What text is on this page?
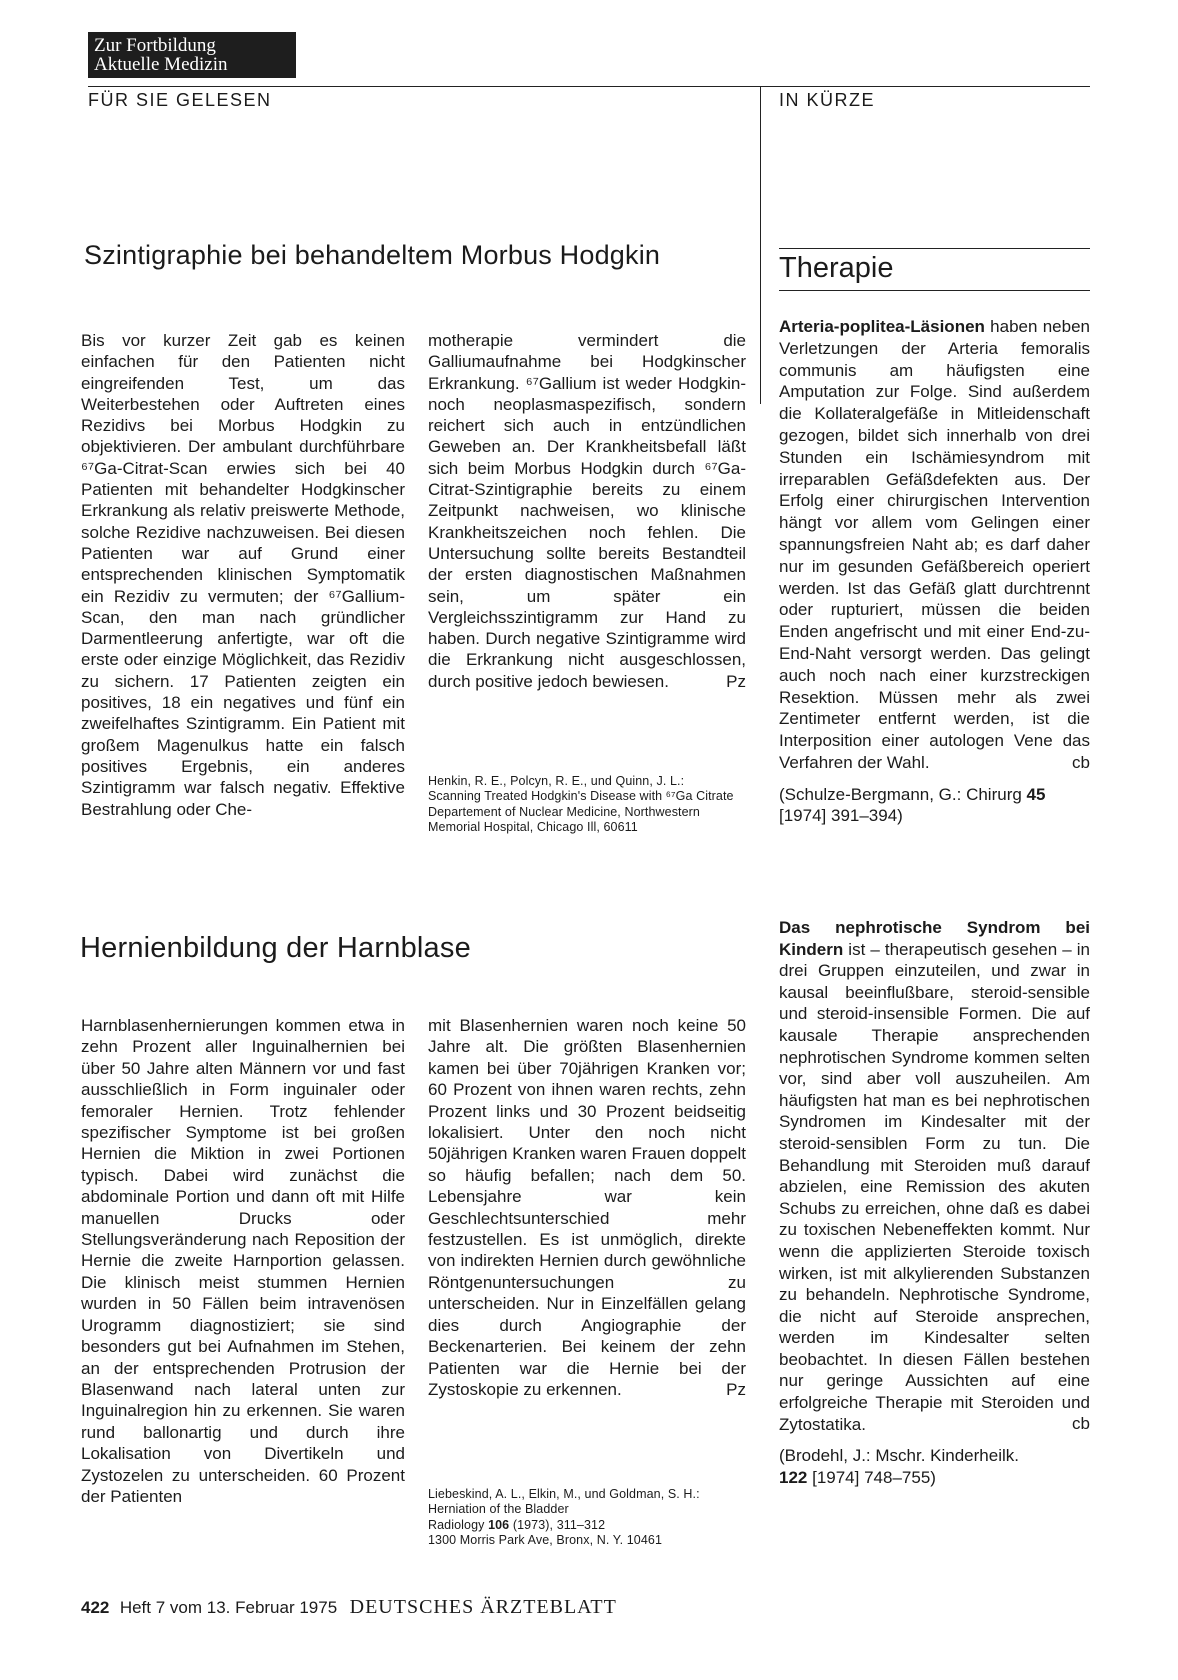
Zur Fortbildung
Aktuelle Medizin
FÜR SIE GELESEN	IN KÜRZE
Szintigraphie bei behandeltem Morbus Hodgkin

Bis vor kurzer Zeit gab es keinen einfachen für den Patienten nicht eingreifenden Test, um das Weiterbestehen oder Auftreten eines Rezidivs bei Morbus Hodgkin zu objektivieren. Der ambulant durchführbare ⁶⁷Ga-Citrat-Scan erwies sich bei 40 Patienten mit behandelter Hodgkinscher Erkrankung als relativ preiswerte Methode, solche Rezidive nachzuweisen. Bei diesen Patienten war auf Grund einer entsprechenden klinischen Symptomatik ein Rezidiv zu vermuten; der ⁶⁷Gallium-Scan, den man nach gründlicher Darmentleerung anfertigte, war oft die erste oder einzige Möglichkeit, das Rezidiv zu sichern. 17 Patienten zeigten ein positives, 18 ein negatives und fünf ein zweifelhaftes Szintigramm. Ein Patient mit großem Magenulkus hatte ein falsch positives Ergebnis, ein anderes Szintigramm war falsch negativ. Effektive Bestrahlung oder Che-

motherapie vermindert die Galliumaufnahme bei Hodgkinscher Erkrankung. ⁶⁷Gallium ist weder Hodgkin- noch neoplasmaspezifisch, sondern reichert sich auch in entzündlichen Geweben an. Der Krankheitsbefall läßt sich beim Morbus Hodgkin durch ⁶⁷Ga-Citrat-Szintigraphie bereits zu einem Zeitpunkt nachweisen, wo klinische Krankheitszeichen noch fehlen. Die Untersuchung sollte bereits Bestandteil der ersten diagnostischen Maßnahmen sein, um später ein Vergleichsszintigramm zur Hand zu haben. Durch negative Szintigramme wird die Erkrankung nicht ausgeschlossen, durch positive jedoch bewiesen.	Pz
Henkin, R. E., Polcyn, R. E., und Quinn, J. L.:
Scanning Treated Hodgkin's Disease with ⁶⁷Ga Citrate
Departement of Nuclear Medicine, Northwestern Memorial Hospital, Chicago Ill, 60611
Hernienbildung der Harnblase

Harnblasenhernierungen kommen etwa in zehn Prozent aller Inguinalhernien bei über 50 Jahre alten Männern vor und fast ausschließlich in Form inguinaler oder femoraler Hernien. Trotz fehlender spezifischer Symptome ist bei großen Hernien die Miktion in zwei Portionen typisch. Dabei wird zunächst die abdominale Portion und dann oft mit Hilfe manuellen Drucks oder Stellungsveränderung nach Reposition der Hernie die zweite Harnportion gelassen. Die klinisch meist stummen Hernien wurden in 50 Fällen beim intravenösen Urogramm diagnostiziert; sie sind besonders gut bei Aufnahmen im Stehen, an der entsprechenden Protrusion der Blasenwand nach lateral unten zur Inguinalregion hin zu erkennen. Sie waren rund ballonartig und durch ihre Lokalisation von Divertikeln und Zystozelen zu unterscheiden. 60 Prozent der Patienten

mit Blasenhernien waren noch keine 50 Jahre alt. Die größten Blasenhernien kamen bei über 70jährigen Kranken vor; 60 Prozent von ihnen waren rechts, zehn Prozent links und 30 Prozent beidseitig lokalisiert. Unter den noch nicht 50jährigen Kranken waren Frauen doppelt so häufig befallen; nach dem 50. Lebensjahre war kein Geschlechtsunterschied mehr festzustellen. Es ist unmöglich, direkte von indirekten Hernien durch gewöhnliche Röntgenuntersuchungen zu unterscheiden. Nur in Einzelfällen gelang dies durch Angiographie der Beckenarterien. Bei keinem der zehn Patienten war die Hernie bei der Zystoskopie zu erkennen.	Pz
Liebeskind, A. L., Elkin, M., und Goldman, S. H.:
Herniation of the Bladder
Radiology 106 (1973), 311–312
1300 Morris Park Ave, Bronx, N. Y. 10461
Therapie

Arteria-poplitea-Läsionen haben neben Verletzungen der Arteria femoralis communis am häufigsten eine Amputation zur Folge. Sind außerdem die Kollateralgefäße in Mitleidenschaft gezogen, bildet sich innerhalb von drei Stunden ein Ischämiesyndrom mit irreparablen Gefäßdefekten aus. Der Erfolg einer chirurgischen Intervention hängt vor allem vom Gelingen einer spannungsfreien Naht ab; es darf daher nur im gesunden Gefäßbereich operiert werden. Ist das Gefäß glatt durchtrennt oder rupturiert, müssen die beiden Enden angefrischt und mit einer End-zu-End-Naht versorgt werden. Das gelingt auch noch nach einer kurzstreckigen Resektion. Müssen mehr als zwei Zentimeter entfernt werden, ist die Interposition einer autologen Vene das Verfahren der Wahl.	cb
(Schulze-Bergmann, G.: Chirurg 45 [1974] 391–394)

Das nephrotische Syndrom bei Kindern ist – therapeutisch gesehen – in drei Gruppen einzuteilen, und zwar in kausal beeinflußbare, steroid-sensible und steroid-insensible Formen. Die auf kausale Therapie ansprechenden nephrotischen Syndrome kommen selten vor, sind aber voll auszuheilen. Am häufigsten hat man es bei nephrotischen Syndromen im Kindesalter mit der steroid-sensiblen Form zu tun. Die Behandlung mit Steroiden muß darauf abzielen, eine Remission des akuten Schubs zu erreichen, ohne daß es dabei zu toxischen Nebeneffekten kommt. Nur wenn die applizierten Steroide toxisch wirken, ist mit alkylierenden Substanzen zu behandeln. Nephrotische Syndrome, die nicht auf Steroide ansprechen, werden im Kindesalter selten beobachtet. In diesen Fällen bestehen nur geringe Aussichten auf eine erfolgreiche Therapie mit Steroiden und Zytostatika.	cb
(Brodehl, J.: Mschr. Kinderheilk.
122 [1974] 748–755)
422 Heft 7 vom 13. Februar 1975 DEUTSCHES ÄRZTEBLATT
